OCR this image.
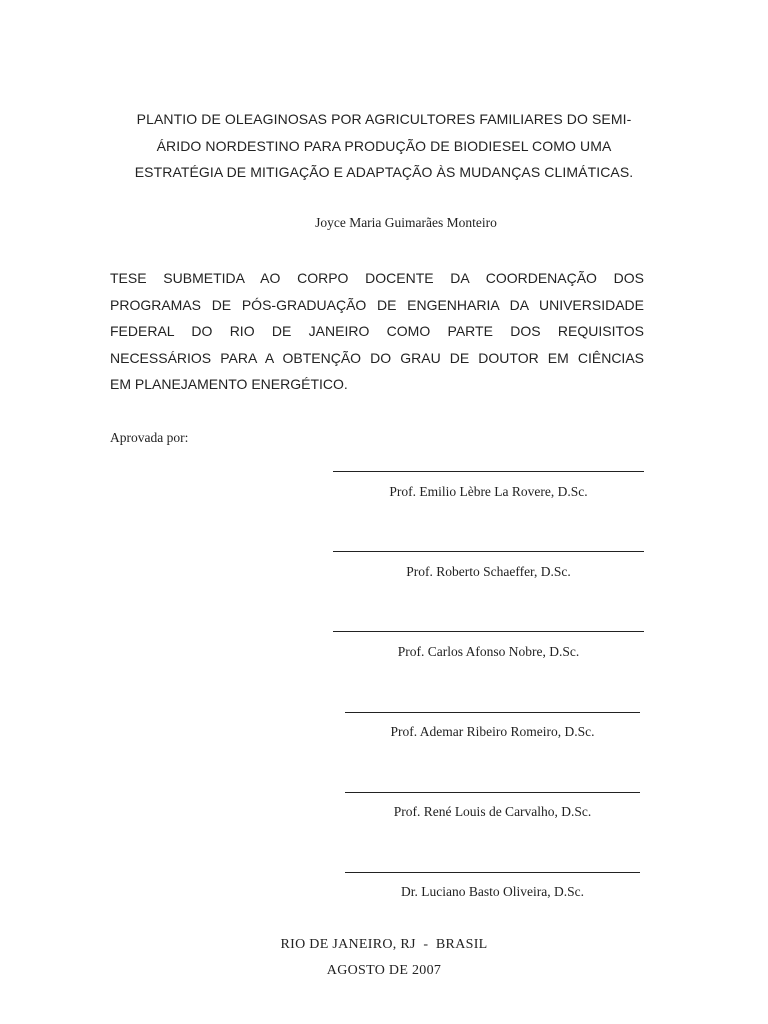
PLANTIO DE OLEAGINOSAS POR AGRICULTORES FAMILIARES DO SEMI-
ÁRIDO NORDESTINO PARA PRODUÇÃO DE BIODIESEL COMO UMA
ESTRATÉGIA DE MITIGAÇÃO E ADAPTAÇÃO ÀS MUDANÇAS CLIMÁTICAS.
Joyce Maria Guimarães Monteiro

TESE SUBMETIDA AO CORPO DOCENTE DA COORDENAÇÃO DOS
PROGRAMAS DE PÓS-GRADUAÇÃO DE ENGENHARIA DA UNIVERSIDADE
FEDERAL DO RIO DE JANEIRO COMO PARTE DOS REQUISITOS
NECESSÁRIOS PARA A OBTENÇÃO DO GRAU DE DOUTOR EM CIÊNCIAS
EM PLANEJAMENTO ENERGÉTICO.

Aprovada por:
Prof. Emilio Lèbre La Rovere, D.Sc.
Prof. Roberto Schaeffer, D.Sc.
Prof. Carlos Afonso Nobre, D.Sc.
Prof. Ademar Ribeiro Romeiro, D.Sc.
Prof. René Louis de Carvalho, D.Sc.
Dr. Luciano Basto Oliveira, D.Sc.
RIO DE JANEIRO, RJ  -  BRASIL
AGOSTO DE 2007
